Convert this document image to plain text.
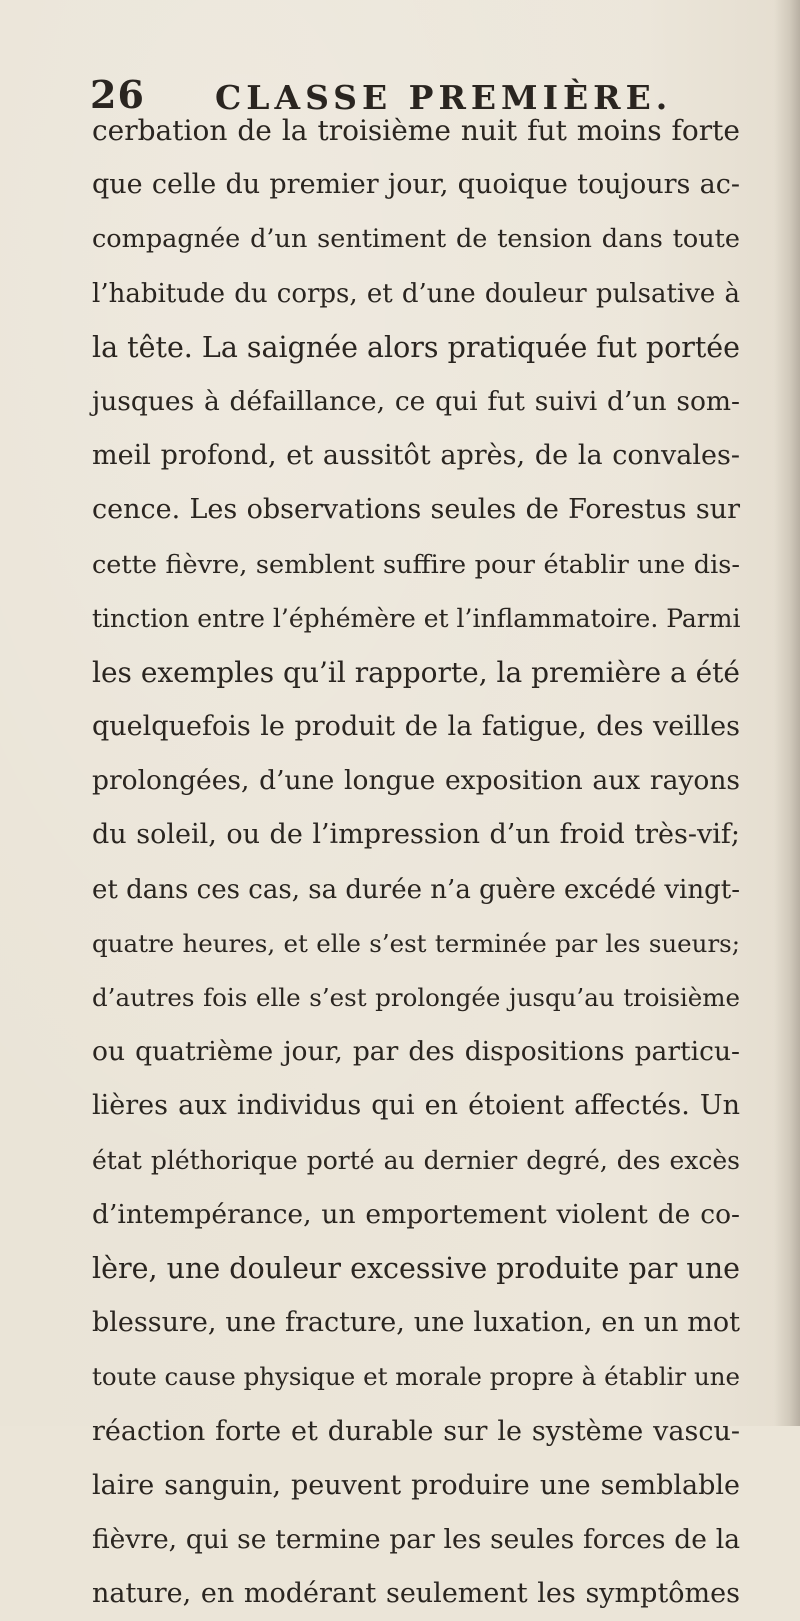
26 CLASSE PREMIÈRE.
cerbation de la troisième nuit fut moins forte
que celle du premier jour, quoique toujours ac-
compagnée d’un sentiment de tension dans toute
l’habitude du corps, et d’une douleur pulsative à
la tête. La saignée alors pratiquée fut portée
jusques à défaillance, ce qui fut suivi d’un som-
meil profond, et aussitôt après, de la convales-
cence. Les observations seules de Forestus sur
cette fièvre, semblent suffire pour établir une dis-
tinction entre l’éphémère et l’inflammatoire. Parmi
les exemples qu’il rapporte, la première a été
quelquefois le produit de la fatigue, des veilles
prolongées, d’une longue exposition aux rayons
du soleil, ou de l’impression d’un froid très-vif;
et dans ces cas, sa durée n’a guère excédé vingt-
quatre heures, et elle s’est terminée par les sueurs;
d’autres fois elle s’est prolongée jusqu’au troisième
ou quatrième jour, par des dispositions particu-
lières aux individus qui en étoient affectés. Un
état pléthorique porté au dernier degré, des excès
d’intempérance, un emportement violent de co-
lère, une douleur excessive produite par une
blessure, une fracture, une luxation, en un mot
toute cause physique et morale propre à établir une
réaction forte et durable sur le système vascu-
laire sanguin, peuvent produire une semblable
fièvre, qui se termine par les seules forces de la
nature, en modérant seulement les symptômes
